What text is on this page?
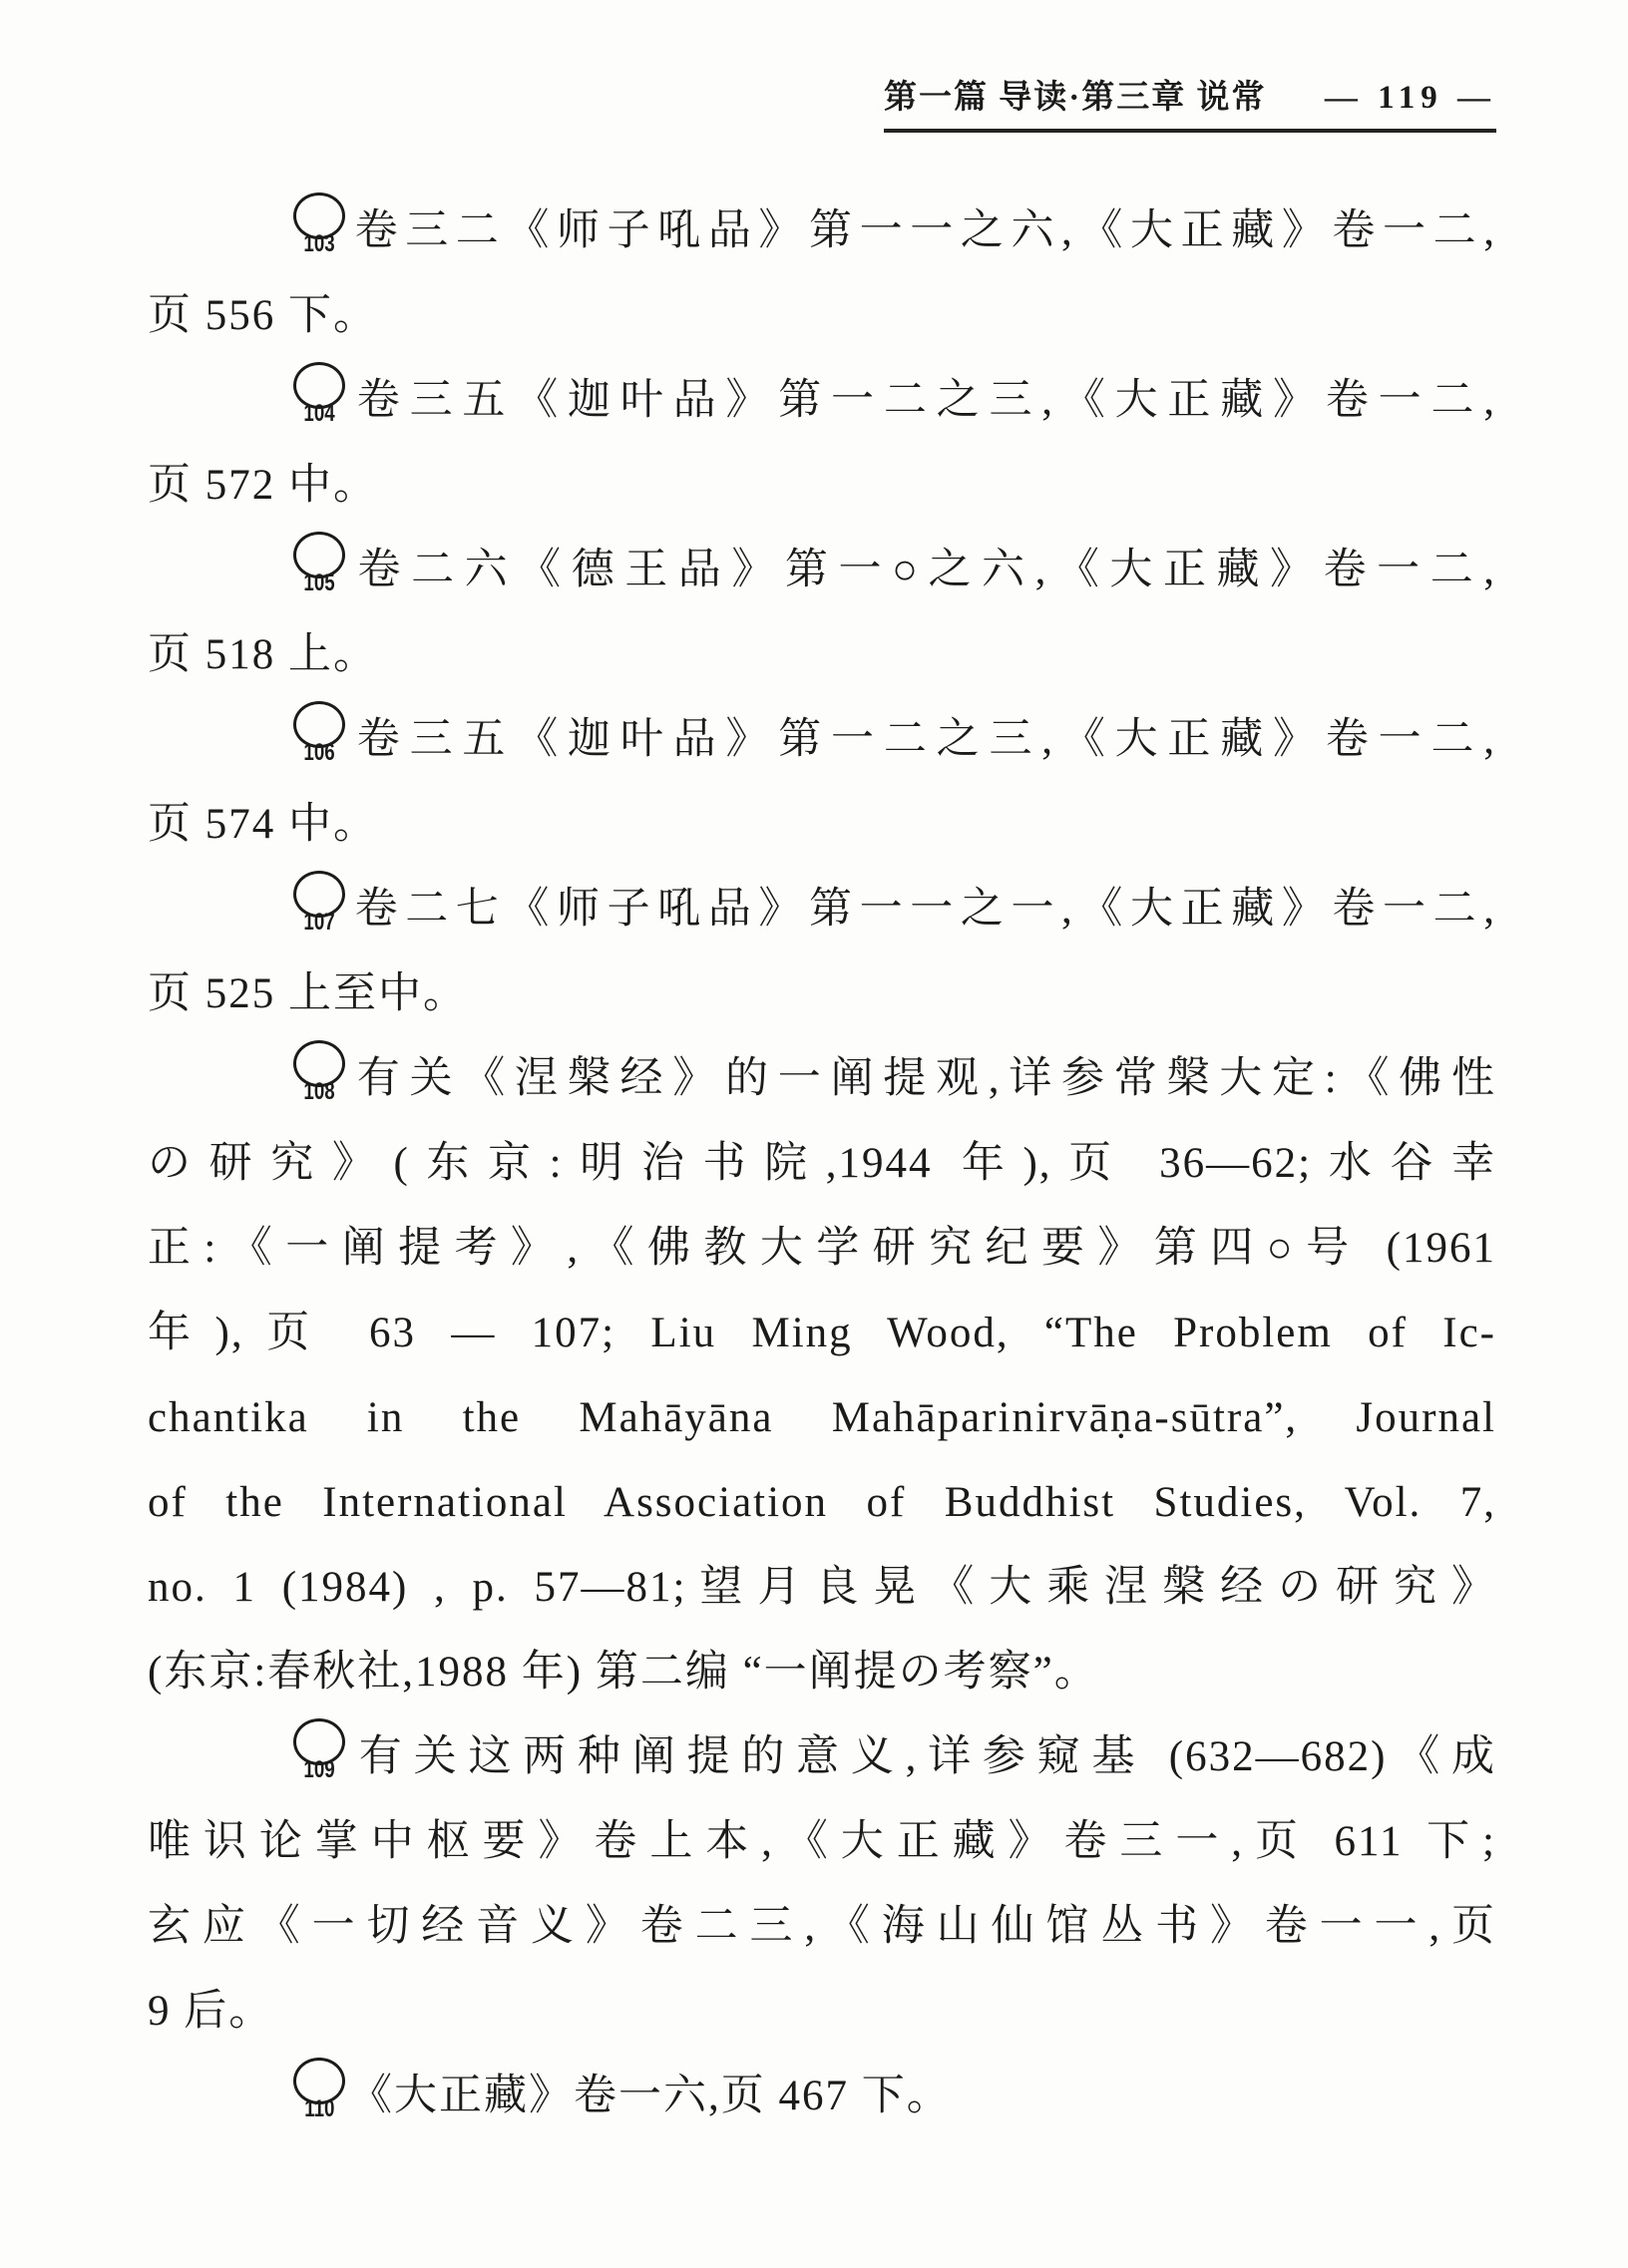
第一篇 导读·第三章 说常 — 119 —
103 卷三二《师子吼品》第一一之六,《大正藏》卷一二,
页 556 下。
104 卷三五《迦叶品》第一二之三,《大正藏》卷一二,
页 572 中。
105 卷二六《德王品》第一○之六,《大正藏》卷一二,
页 518 上。
106 卷三五《迦叶品》第一二之三,《大正藏》卷一二,
页 574 中。
107 卷二七《师子吼品》第一一之一,《大正藏》卷一二,
页 525 上至中。
108 有关《涅槃经》的一阐提观,详参常槃大定:《佛性
の研究》(东京:明治书院,1944 年),页 36—62;水谷幸
正:《一阐提考》,《佛教大学研究纪要》第四○号 (1961
年),页 63 — 107; Liu Ming Wood, “The Problem of Ic-
chantika in the Mahāyāna Mahāparinirvāṇa-sūtra”, Journal
of the International Association of Buddhist Studies, Vol. 7,
no. 1 (1984) , p. 57—81;望月良晃《大乘涅槃经の研究》
(东京:春秋社,1988 年) 第二编 “一阐提の考察”。
109 有关这两种阐提的意义,详参窥基 (632—682)《成
唯识论掌中枢要》卷上本,《大正藏》卷三一,页 611 下;
玄应《一切经音义》卷二三,《海山仙馆丛书》卷一一,页
9 后。
110 《大正藏》卷一六,页 467 下。
